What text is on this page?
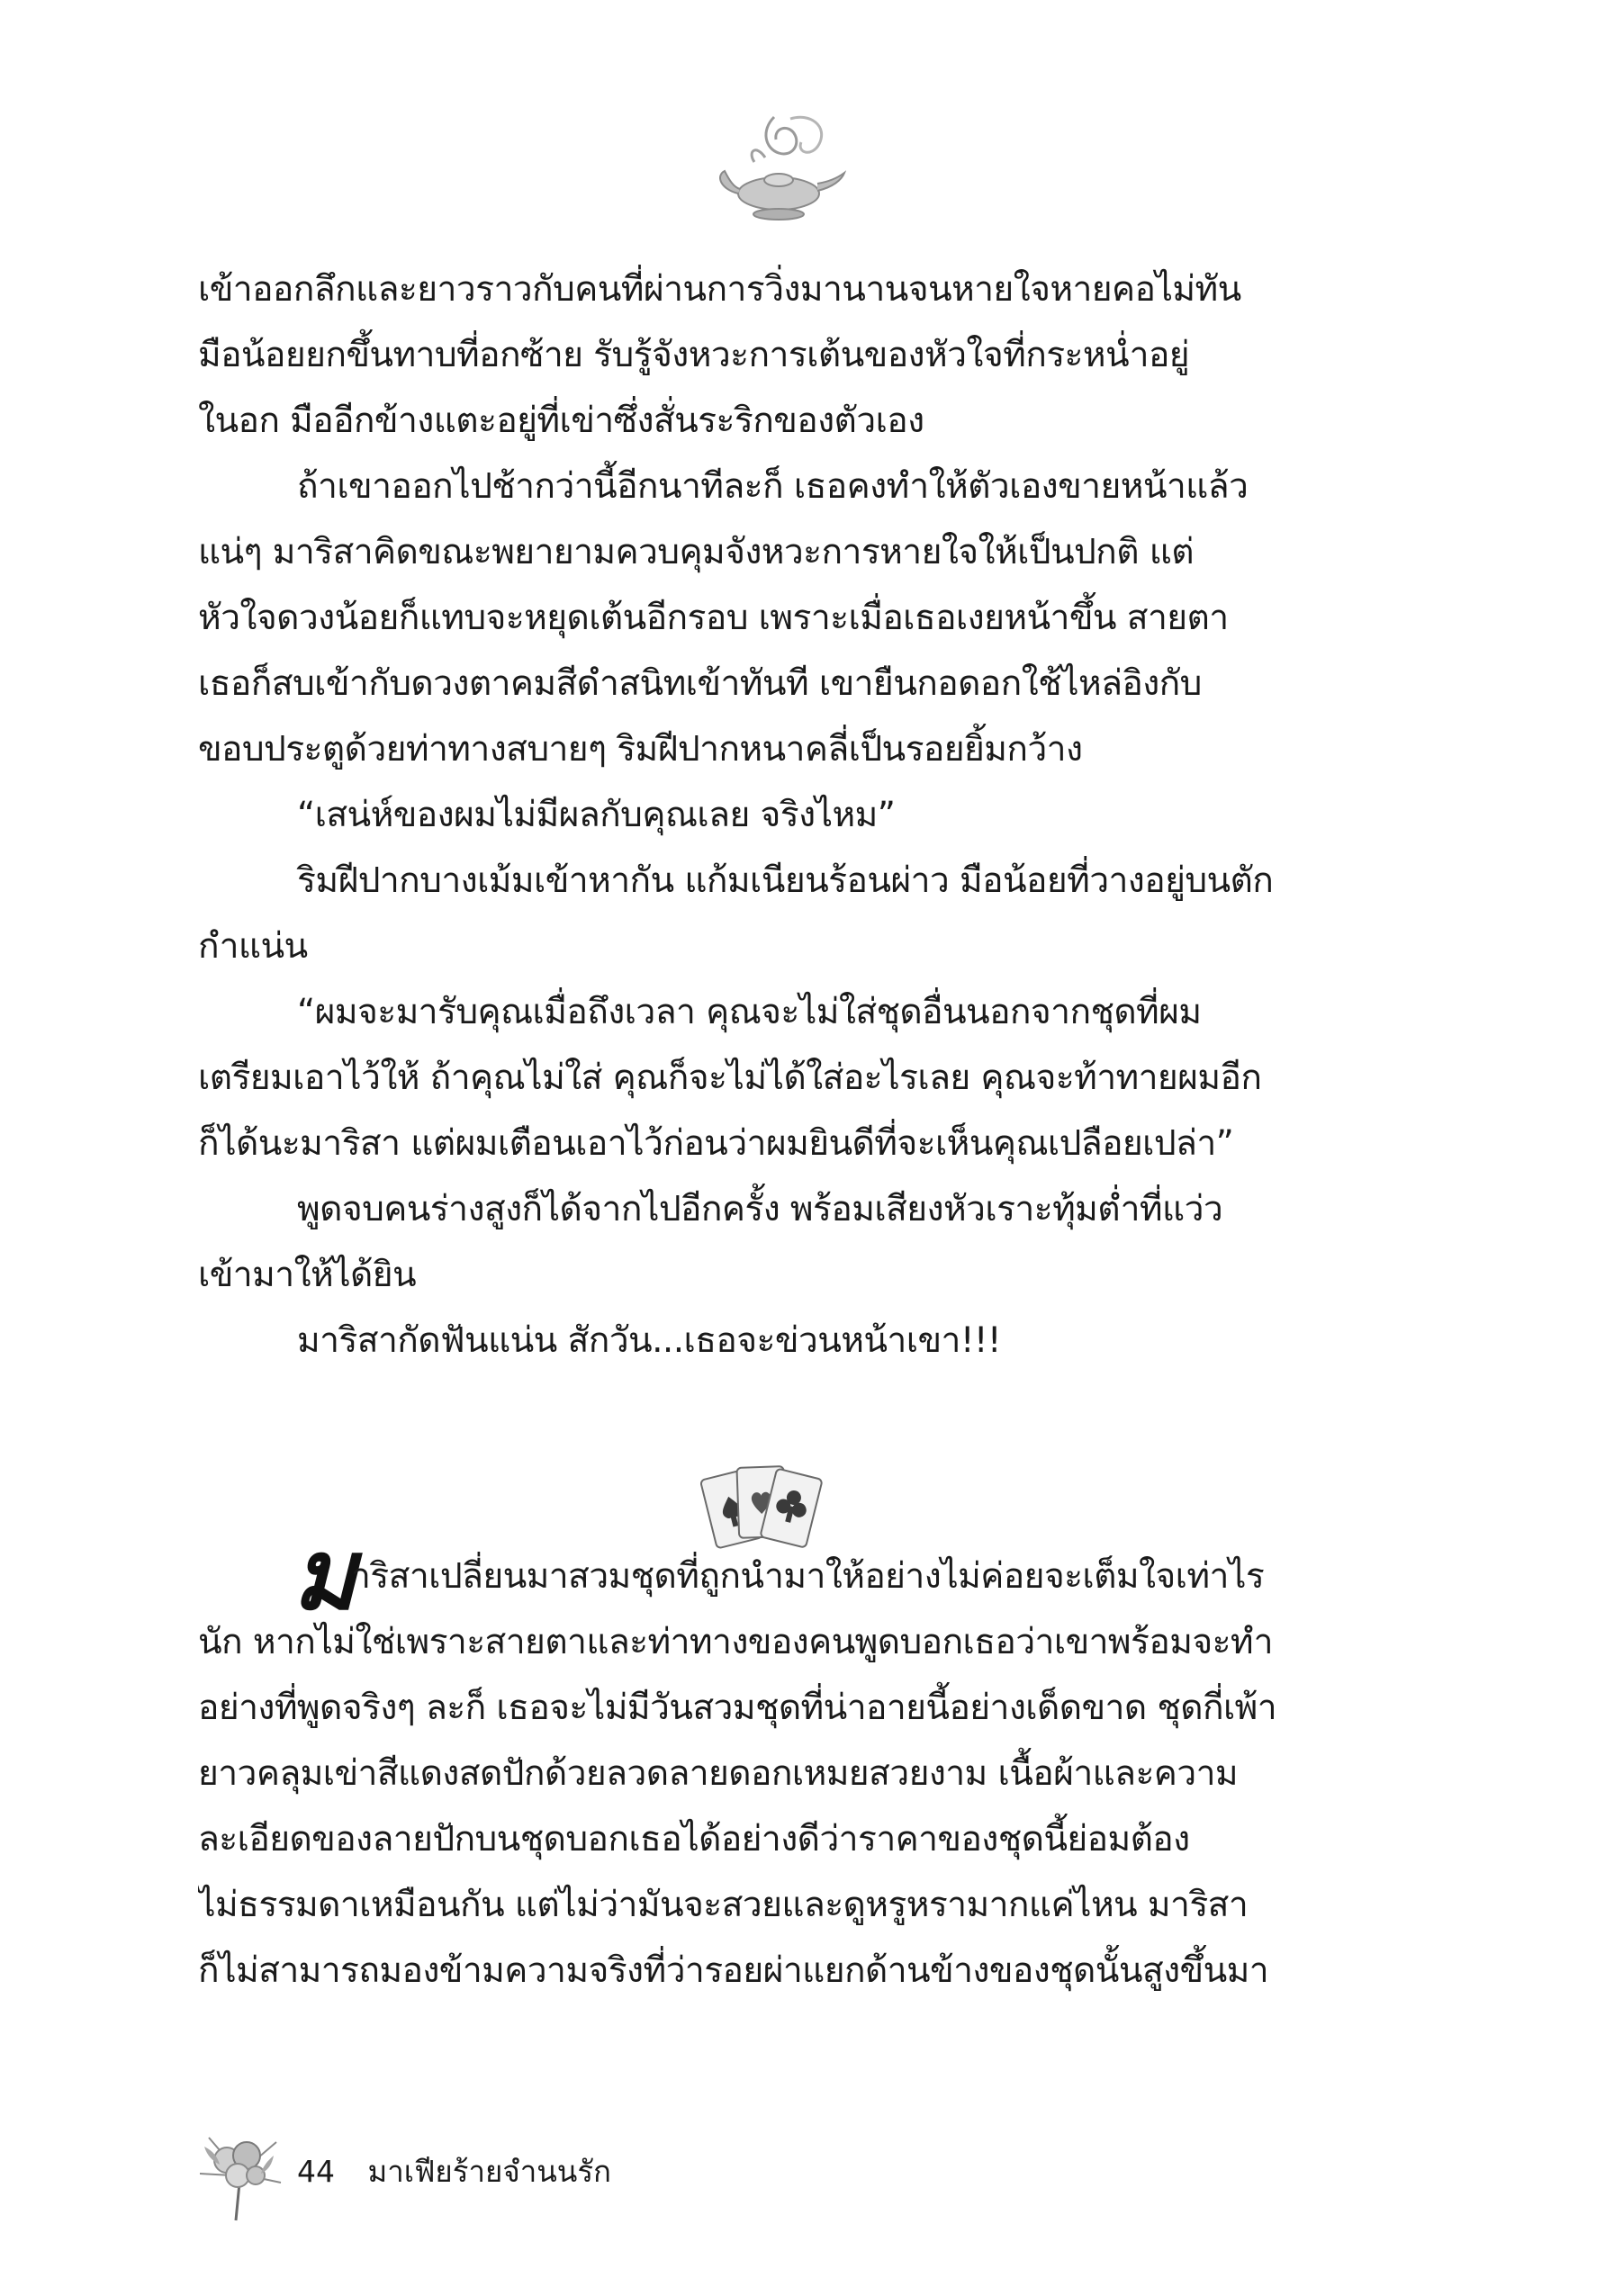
เข้าออกลึกและยาวราวกับคนที่ผ่านการวิ่งมานานจนหายใจหายคอไม่ทัน

มือน้อยยกขึ้นทาบที่อกซ้าย รับรู้จังหวะการเต้นของหัวใจที่กระหน่ำอยู่

ในอก มืออีกข้างแตะอยู่ที่เข่าซึ่งสั่นระริกของตัวเอง

ถ้าเขาออกไปช้ากว่านี้อีกนาทีละก็ เธอคงทำให้ตัวเองขายหน้าแล้ว

แน่ๆ มาริสาคิดขณะพยายามควบคุมจังหวะการหายใจให้เป็นปกติ แต่

หัวใจดวงน้อยก็แทบจะหยุดเต้นอีกรอบ เพราะเมื่อเธอเงยหน้าขึ้น สายตา

เธอก็สบเข้ากับดวงตาคมสีดำสนิทเข้าทันที เขายืนกอดอกใช้ไหล่อิงกับ

ขอบประตูด้วยท่าทางสบายๆ ริมฝีปากหนาคลี่เป็นรอยยิ้มกว้าง

“เสน่ห์ของผมไม่มีผลกับคุณเลย จริงไหม”

ริมฝีปากบางเม้มเข้าหากัน แก้มเนียนร้อนผ่าว มือน้อยที่วางอยู่บนตัก

กำแน่น

“ผมจะมารับคุณเมื่อถึงเวลา คุณจะไม่ใส่ชุดอื่นนอกจากชุดที่ผม

เตรียมเอาไว้ให้ ถ้าคุณไม่ใส่ คุณก็จะไม่ได้ใส่อะไรเลย คุณจะท้าทายผมอีก

ก็ได้นะมาริสา แต่ผมเตือนเอาไว้ก่อนว่าผมยินดีที่จะเห็นคุณเปลือยเปล่า”

พูดจบคนร่างสูงก็ได้จากไปอีกครั้ง พร้อมเสียงหัวเราะทุ้มต่ำที่แว่ว

เข้ามาให้ได้ยิน

มาริสากัดฟันแน่น สักวัน...เธอจะข่วนหน้าเขา!!!

ม

าริสาเปลี่ยนมาสวมชุดที่ถูกนำมาให้อย่างไม่ค่อยจะเต็มใจเท่าไร

นัก หากไม่ใช่เพราะสายตาและท่าทางของคนพูดบอกเธอว่าเขาพร้อมจะทำ

อย่างที่พูดจริงๆ ละก็ เธอจะไม่มีวันสวมชุดที่น่าอายนี้อย่างเด็ดขาด ชุดกี่เพ้า

ยาวคลุมเข่าสีแดงสดปักด้วยลวดลายดอกเหมยสวยงาม เนื้อผ้าและความ

ละเอียดของลายปักบนชุดบอกเธอได้อย่างดีว่าราคาของชุดนี้ย่อมต้อง

ไม่ธรรมดาเหมือนกัน แต่ไม่ว่ามันจะสวยและดูหรูหรามากแค่ไหน มาริสา

ก็ไม่สามารถมองข้ามความจริงที่ว่ารอยผ่าแยกด้านข้างของชุดนั้นสูงขึ้นมา

44 มาเฟียร้ายจำนนรัก
